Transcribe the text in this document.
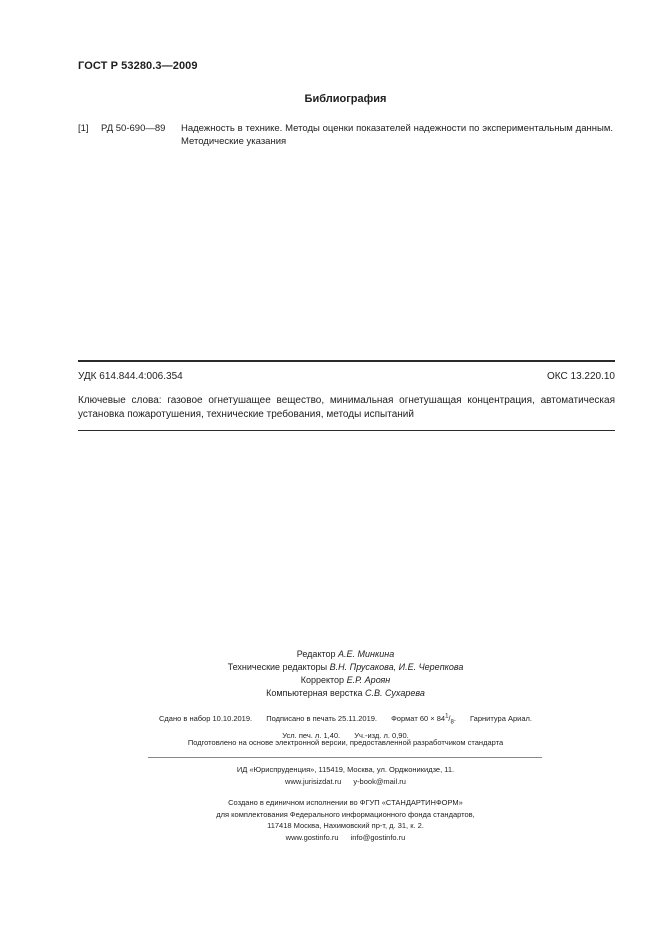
ГОСТ Р 53280.3—2009
Библиография
[1] РД 50-690—89 Надежность в технике. Методы оценки показателей надежности по экспериментальным данным. Методические указания
УДК 614.844.4:006.354	ОКС 13.220.10
Ключевые слова: газовое огнетушащее вещество, минимальная огнетушащая концентрация, автоматическая установка пожаротушения, технические требования, методы испытаний
Редактор А.Е. Минкина
Технические редакторы В.Н. Прусакова, И.Е. Черепкова
Корректор Е.Р. Ароян
Компьютерная верстка С.В. Сухарева
Сдано в набор 10.10.2019. Подписано в печать 25.11.2019. Формат $60 \times 84^1/_8$. Гарнитура Ариал.
Усл. печ. л. 1,40. Уч.-изд. л. 0,90.
Подготовлено на основе электронной версии, предоставленной разработчиком стандарта
ИД «Юриспруденция», 115419, Москва, ул. Орджоникидзе, 11.
www.jurisizdat.ru y-book@mail.ru
Создано в единичном исполнении во ФГУП «СТАНДАРТИНФОРМ»
для комплектования Федерального информационного фонда стандартов,
117418 Москва, Нахимовский пр-т, д. 31, к. 2.
www.gostinfo.ru info@gostinfo.ru
